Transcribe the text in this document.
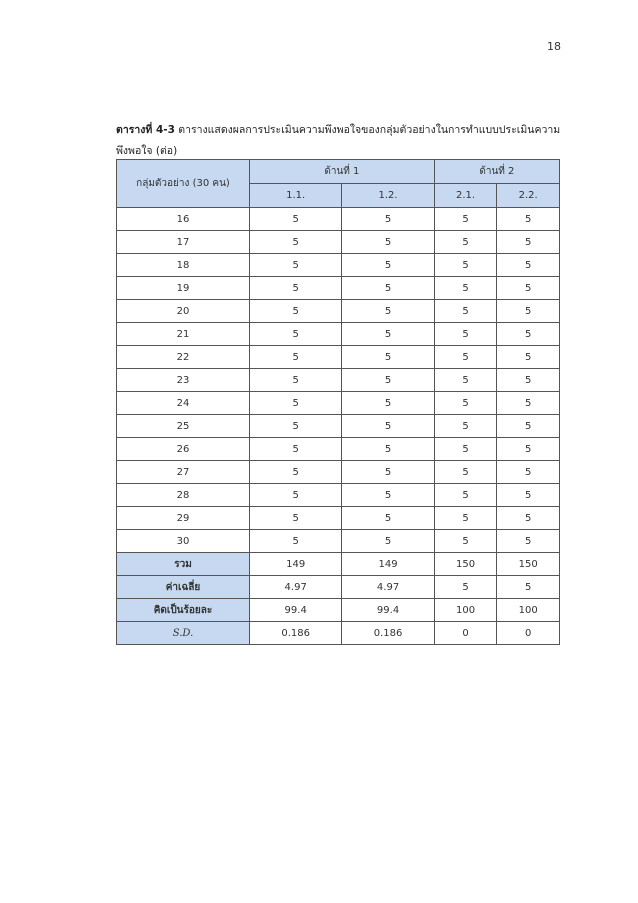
18
ตารางที่ 4-3 ตารางแสดงผลการประเมินความพึงพอใจของกลุ่มตัวอย่างในการทำแบบประเมินความพึงพอใจ (ต่อ)
กลุ่มตัวอย่าง (30 คน)	ด้านที่ 1		ด้านที่ 2	
	1.1.	1.2.	2.1.	2.2.
16	5	5	5	5
17	5	5	5	5
18	5	5	5	5
19	5	5	5	5
20	5	5	5	5
21	5	5	5	5
22	5	5	5	5
23	5	5	5	5
24	5	5	5	5
25	5	5	5	5
26	5	5	5	5
27	5	5	5	5
28	5	5	5	5
29	5	5	5	5
30	5	5	5	5
รวม	149	149	150	150
ค่าเฉลี่ย	4.97	4.97	5	5
คิดเป็นร้อยละ	99.4	99.4	100	100
S.D.	0.186	0.186	0	0
